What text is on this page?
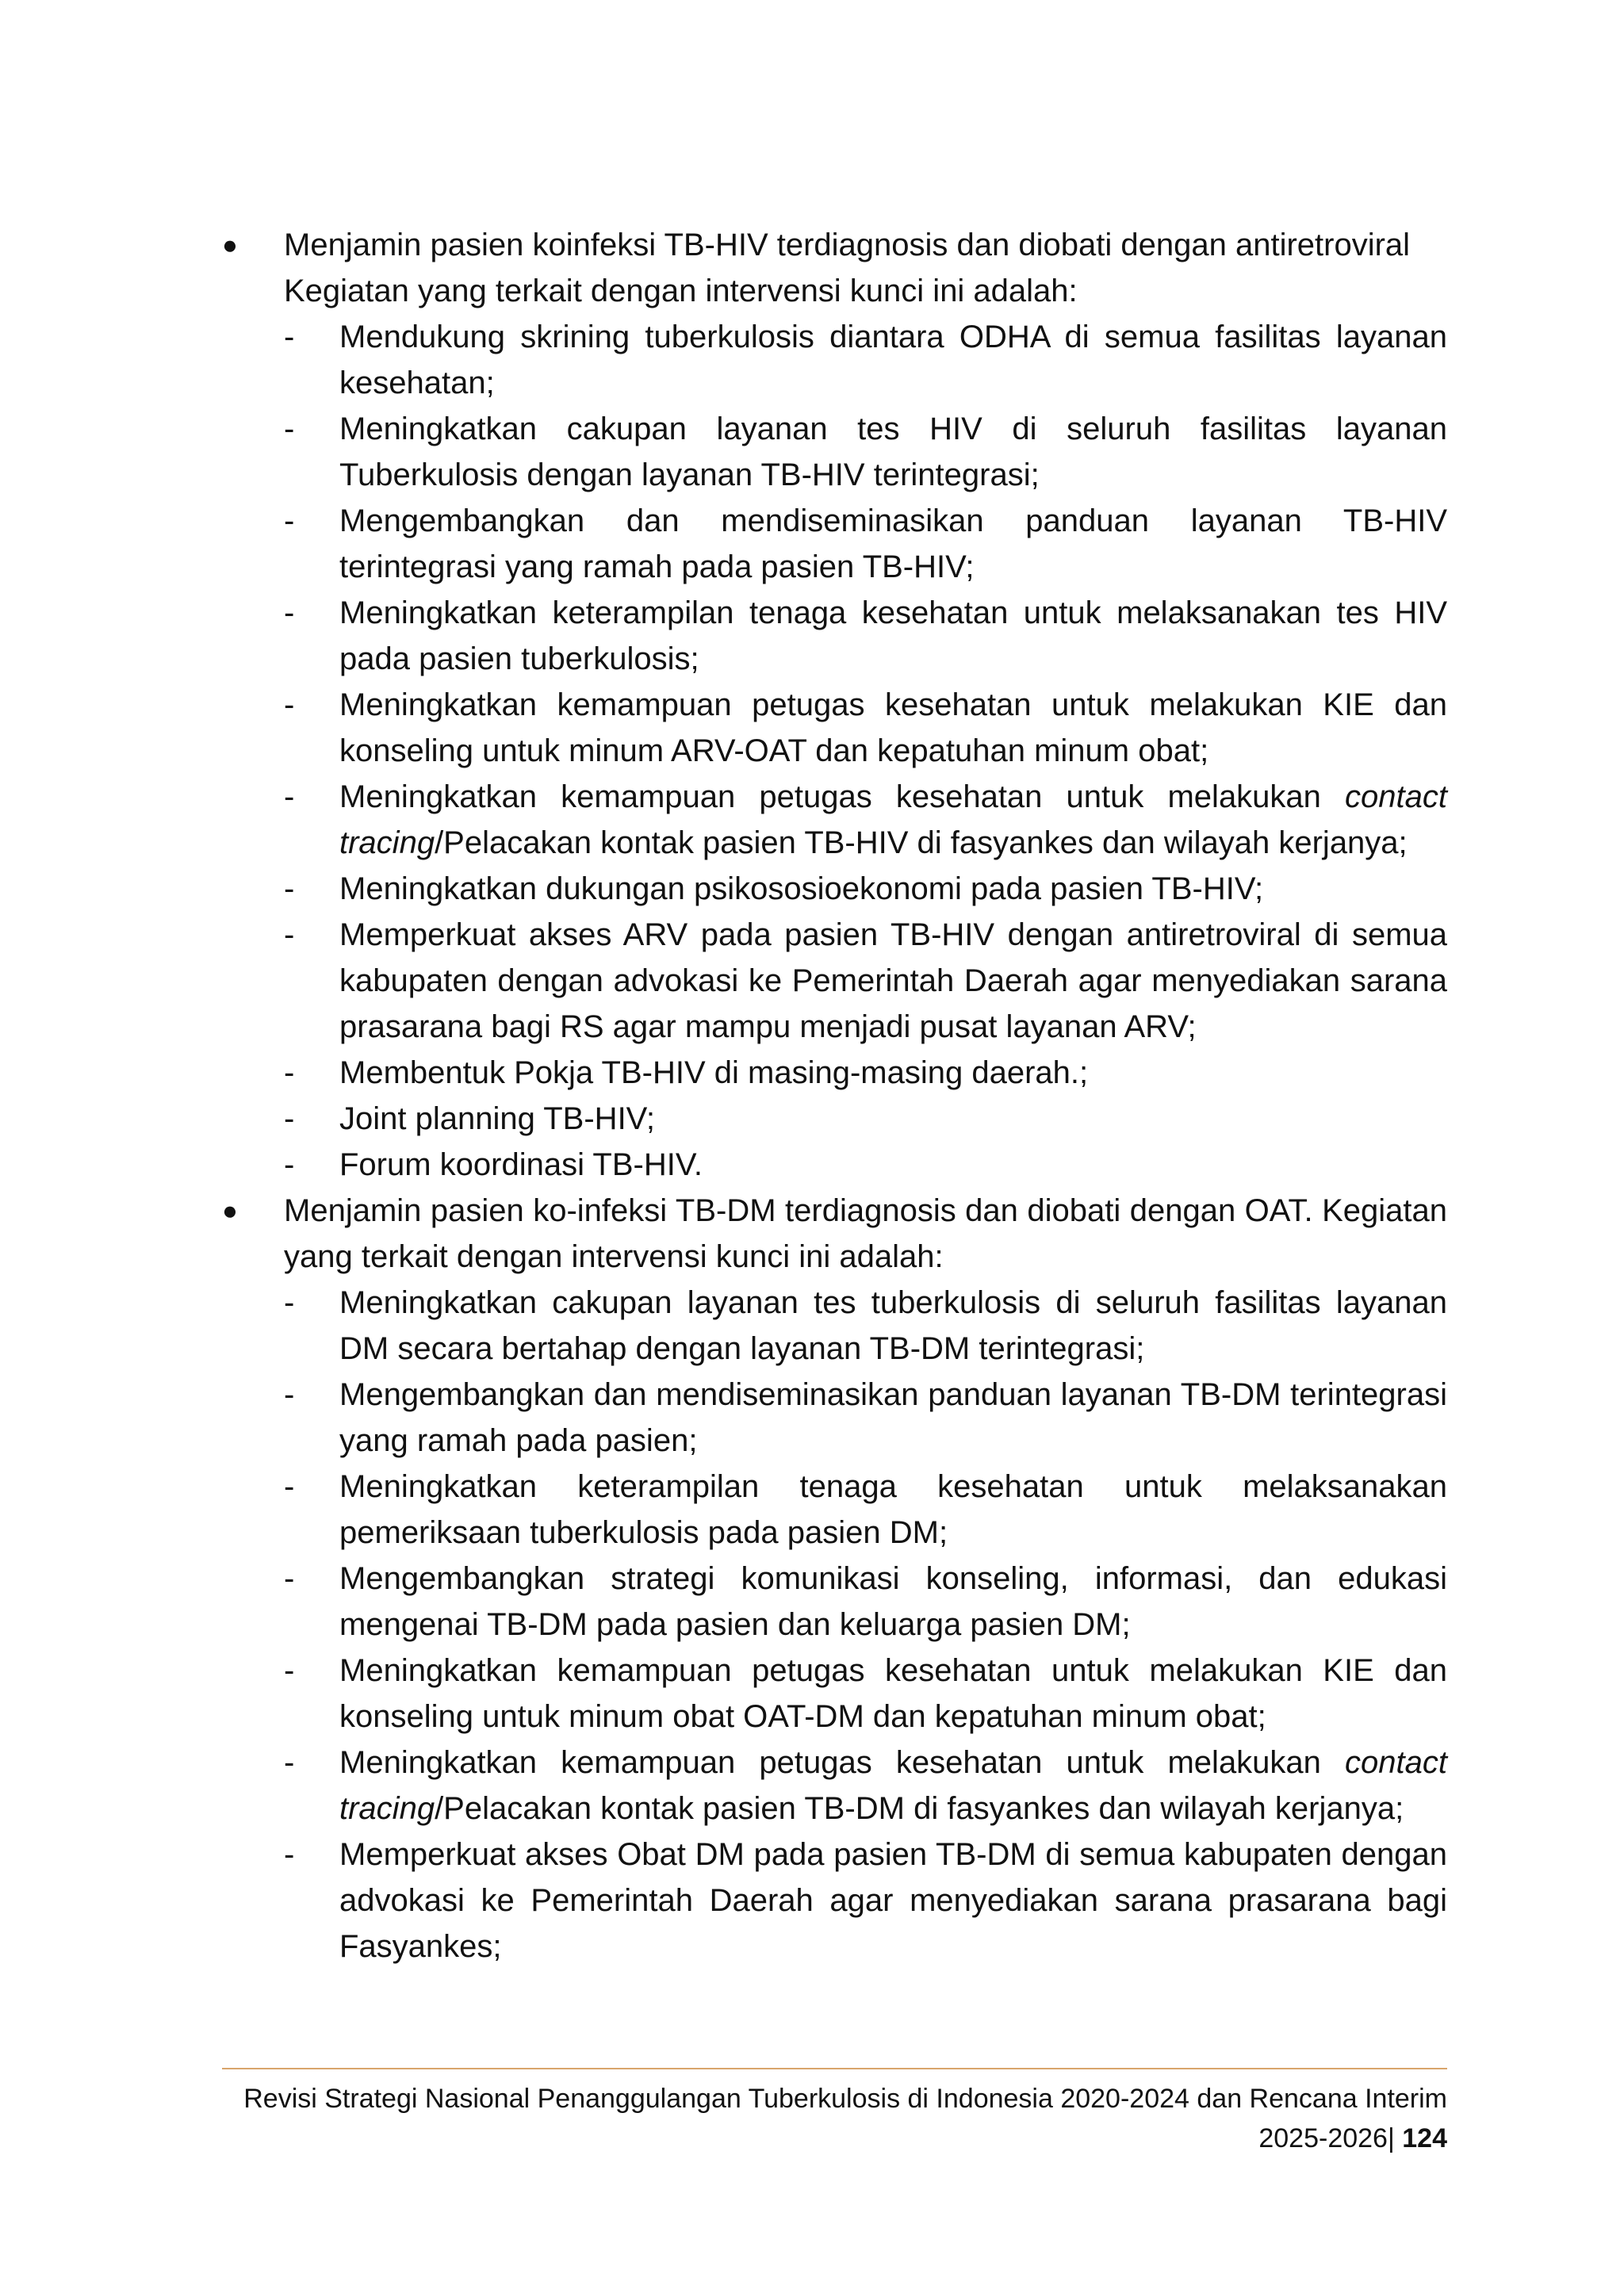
● Menjamin pasien koinfeksi TB-HIV terdiagnosis dan diobati dengan antiretroviral
Kegiatan yang terkait dengan intervensi kunci ini adalah:

-	Mendukung skrining tuberkulosis diantara ODHA di semua fasilitas layanan kesehatan;
-	Meningkatkan cakupan layanan tes HIV di seluruh fasilitas layanan Tuberkulosis dengan layanan TB-HIV terintegrasi;
-	Mengembangkan dan mendiseminasikan panduan layanan TB-HIV terintegrasi yang ramah pada pasien TB-HIV;
-	Meningkatkan keterampilan tenaga kesehatan untuk melaksanakan tes HIV pada pasien tuberkulosis;
-	Meningkatkan kemampuan petugas kesehatan untuk melakukan KIE dan konseling untuk minum ARV-OAT dan kepatuhan minum obat;
-	Meningkatkan kemampuan petugas kesehatan untuk melakukan contact tracing/Pelacakan kontak pasien TB-HIV di fasyankes dan wilayah kerjanya;
-	Meningkatkan dukungan psikososioekonomi pada pasien TB-HIV;
-	Memperkuat akses ARV pada pasien TB-HIV dengan antiretroviral di semua kabupaten dengan advokasi ke Pemerintah Daerah agar menyediakan sarana prasarana bagi RS agar mampu menjadi pusat layanan ARV;
-	Membentuk Pokja TB-HIV di masing-masing daerah.;
-	Joint planning TB-HIV;
-	Forum koordinasi TB-HIV.
● Menjamin pasien ko-infeksi TB-DM terdiagnosis dan diobati dengan OAT. Kegiatan yang terkait dengan intervensi kunci ini adalah:

-	Meningkatkan cakupan layanan tes tuberkulosis di seluruh fasilitas layanan DM secara bertahap dengan layanan TB-DM terintegrasi;
-	Mengembangkan dan mendiseminasikan panduan layanan TB-DM terintegrasi yang ramah pada pasien;
-	Meningkatkan keterampilan tenaga kesehatan untuk melaksanakan pemeriksaan tuberkulosis pada pasien DM;
-	Mengembangkan strategi komunikasi konseling, informasi, dan edukasi mengenai TB-DM pada pasien dan keluarga pasien DM;
-	Meningkatkan kemampuan petugas kesehatan untuk melakukan KIE dan konseling untuk minum obat OAT-DM dan kepatuhan minum obat;
-	Meningkatkan kemampuan petugas kesehatan untuk melakukan contact tracing/Pelacakan kontak pasien TB-DM di fasyankes dan wilayah kerjanya;
-	Memperkuat akses Obat DM pada pasien TB-DM di semua kabupaten dengan advokasi ke Pemerintah Daerah agar menyediakan sarana prasarana bagi Fasyankes;
Revisi Strategi Nasional Penanggulangan Tuberkulosis di Indonesia 2020-2024 dan Rencana Interim 2025-2026| 124
